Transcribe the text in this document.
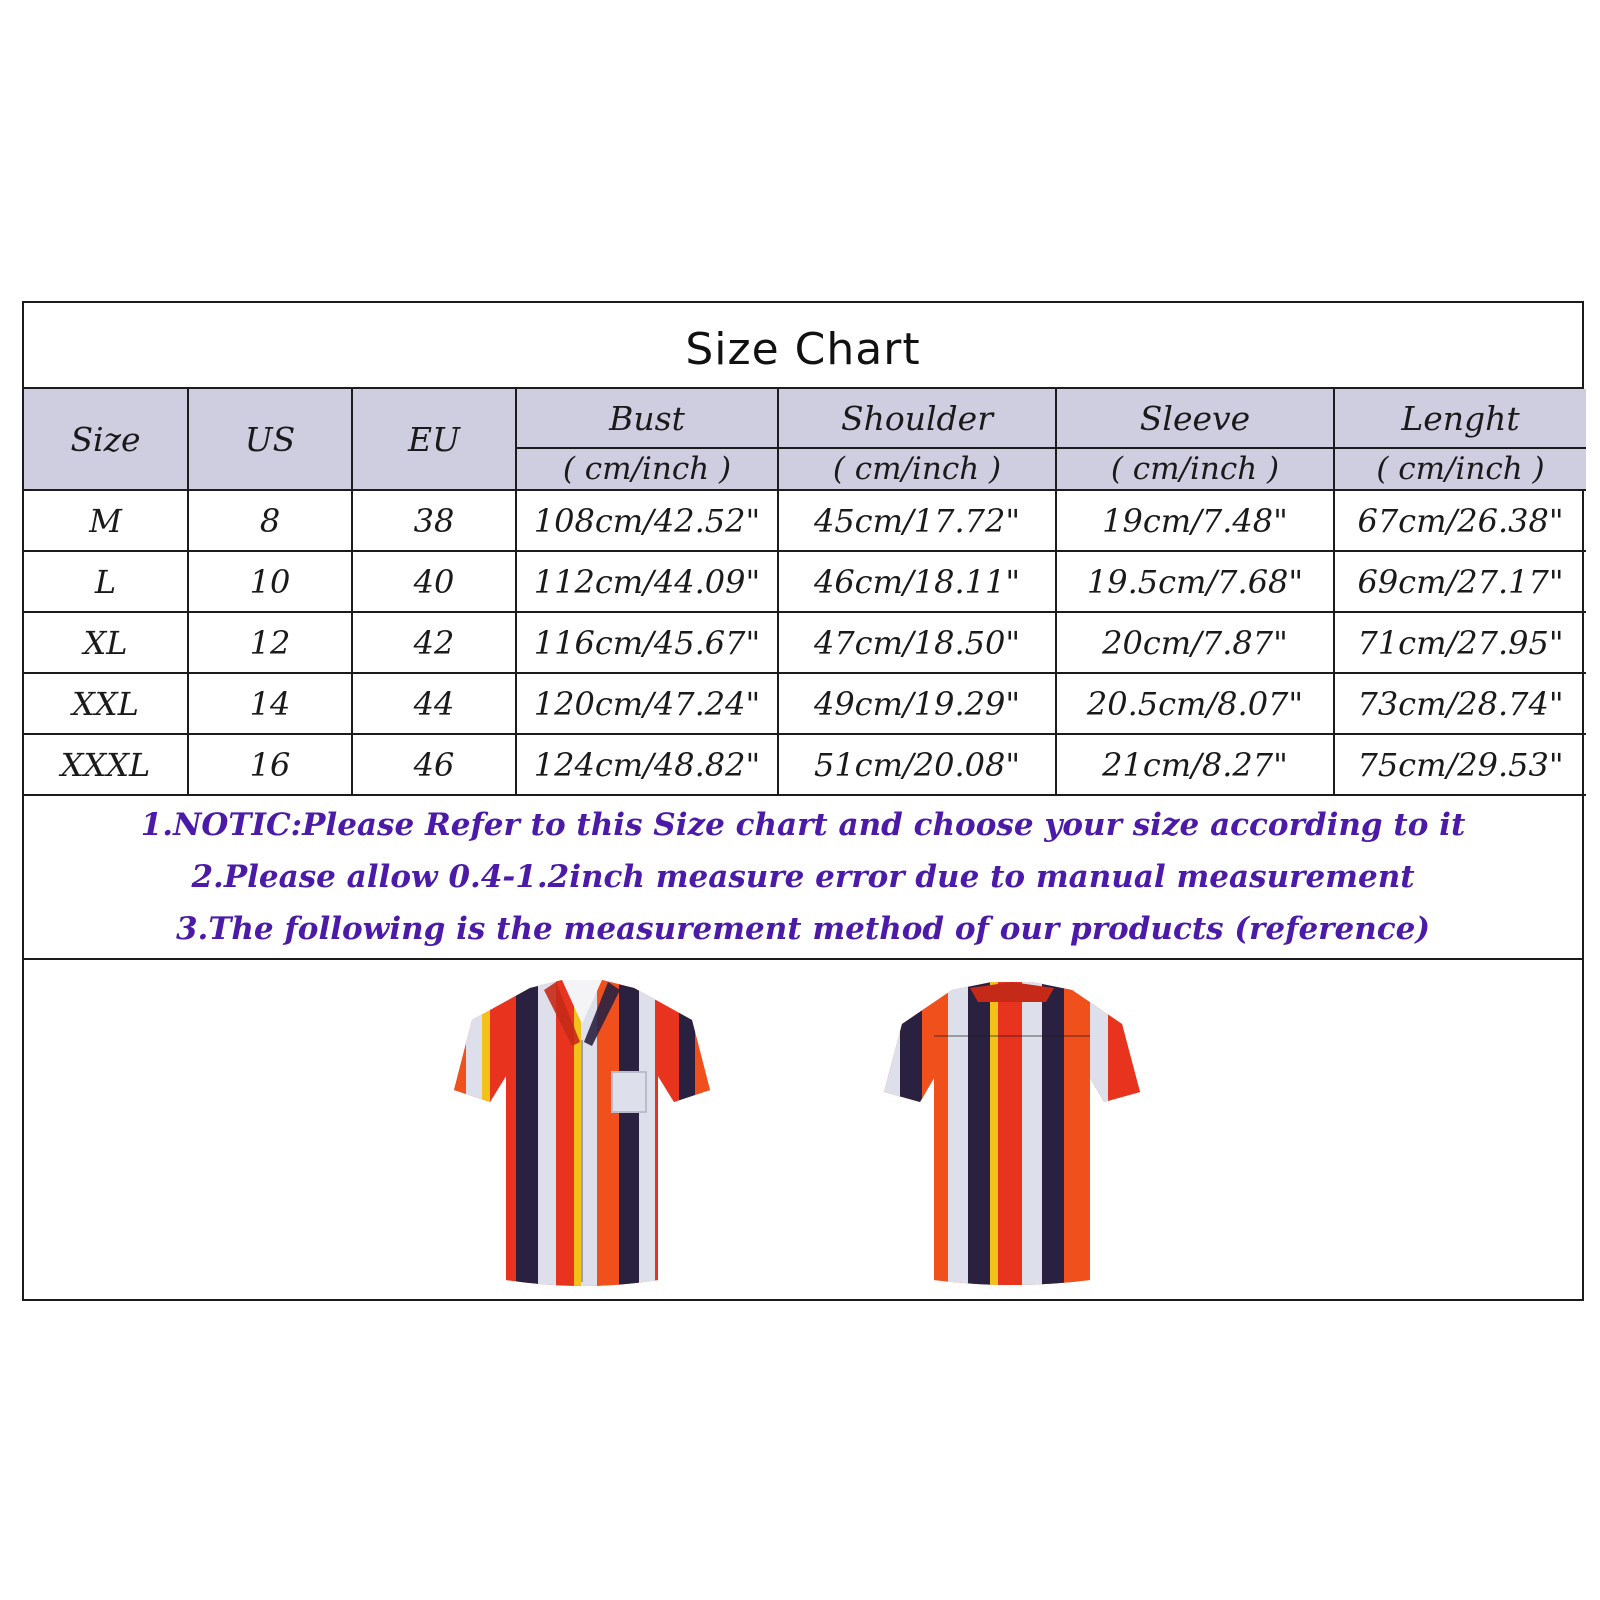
Size Chart
Size	US	EU	Bust	Shoulder	Sleeve	Lenght
			( cm/inch )	( cm/inch )	( cm/inch )	( cm/inch )
M	8	38	108cm/42.52"	45cm/17.72"	19cm/7.48"	67cm/26.38"
L	10	40	112cm/44.09"	46cm/18.11"	19.5cm/7.68"	69cm/27.17"
XL	12	42	116cm/45.67"	47cm/18.50"	20cm/7.87"	71cm/27.95"
XXL	14	44	120cm/47.24"	49cm/19.29"	20.5cm/8.07"	73cm/28.74"
XXXL	16	46	124cm/48.82"	51cm/20.08"	21cm/8.27"	75cm/29.53"
1.NOTIC:Please Refer to this Size chart and choose your size according to it
2.Please allow 0.4-1.2inch measure error due to manual measurement
3.The following is the measurement method of our products (reference)
